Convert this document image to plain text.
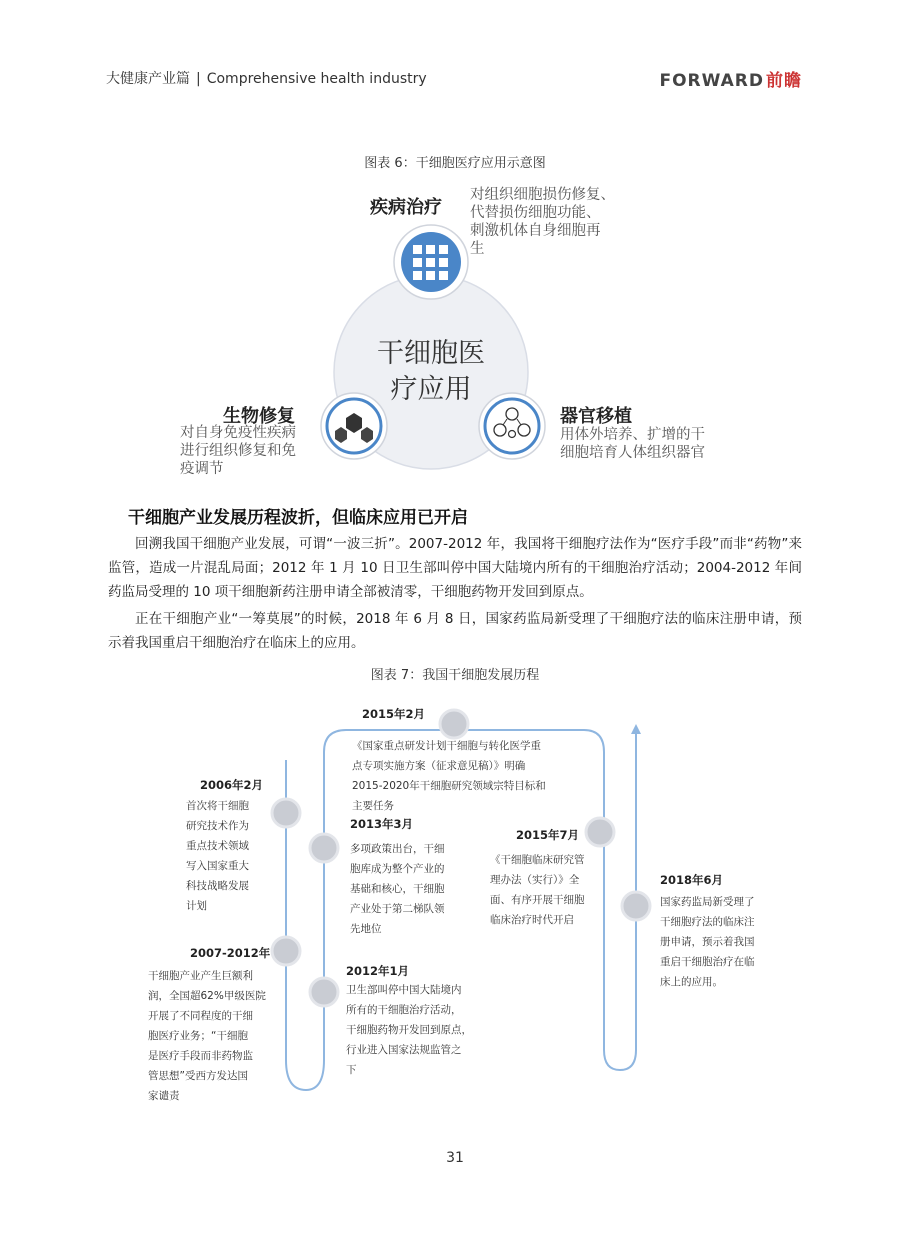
大健康产业篇 | Comprehensive health industry	FORWARD 前瞻
图表 6：干细胞医疗应用示意图
干细胞医
疗应用
疾病治疗
对组织细胞损伤修复、
代替损伤细胞功能、
刺激机体自身细胞再
生
生物修复
对自身免疫性疾病
进行组织修复和免
疫调节
器官移植
用体外培养、扩增的干
细胞培育人体组织器官
干细胞产业发展历程波折，但临床应用已开启
回溯我国干细胞产业发展，可谓“一波三折”。2007-2012 年，我国将干细胞疗法作为“医疗手段”而非“药物”来监管，造成一片混乱局面；2012 年 1 月 10 日卫生部叫停中国大陆境内所有的干细胞治疗活动；2004-2012 年间药监局受理的 10 项干细胞新药注册申请全部被清零，干细胞药物开发回到原点。
正在干细胞产业“一筹莫展”的时候，2018 年 6 月 8 日，国家药监局新受理了干细胞疗法的临床注册申请，预示着我国重启干细胞治疗在临床上的应用。
图表 7：我国干细胞发展历程
2006年2月
首次将干细胞
研究技术作为
重点技术领域
写入国家重大
科技战略发展
计划
2007-2012年
干细胞产业产生巨额利
润，全国超62%甲级医院
开展了不同程度的干细
胞医疗业务；“干细胞
是医疗手段而非药物监
管思想”受西方发达国
家谴责
2012年1月
卫生部叫停中国大陆境内
所有的干细胞治疗活动，
干细胞药物开发回到原点，
行业进入国家法规监管之
下
2013年3月
多项政策出台，干细
胞库成为整个产业的
基础和核心，干细胞
产业处于第二梯队领
先地位
2015年2月
《国家重点研发计划干细胞与转化医学重
点专项实施方案（征求意见稿）》明确
2015-2020年干细胞研究领域宗特目标和
主要任务
2015年7月
《干细胞临床研究管
理办法（实行）》全
面、有序开展干细胞
临床治疗时代开启
2018年6月
国家药监局新受理了
干细胞疗法的临床注
册申请，预示着我国
重启干细胞治疗在临
床上的应用。
31
